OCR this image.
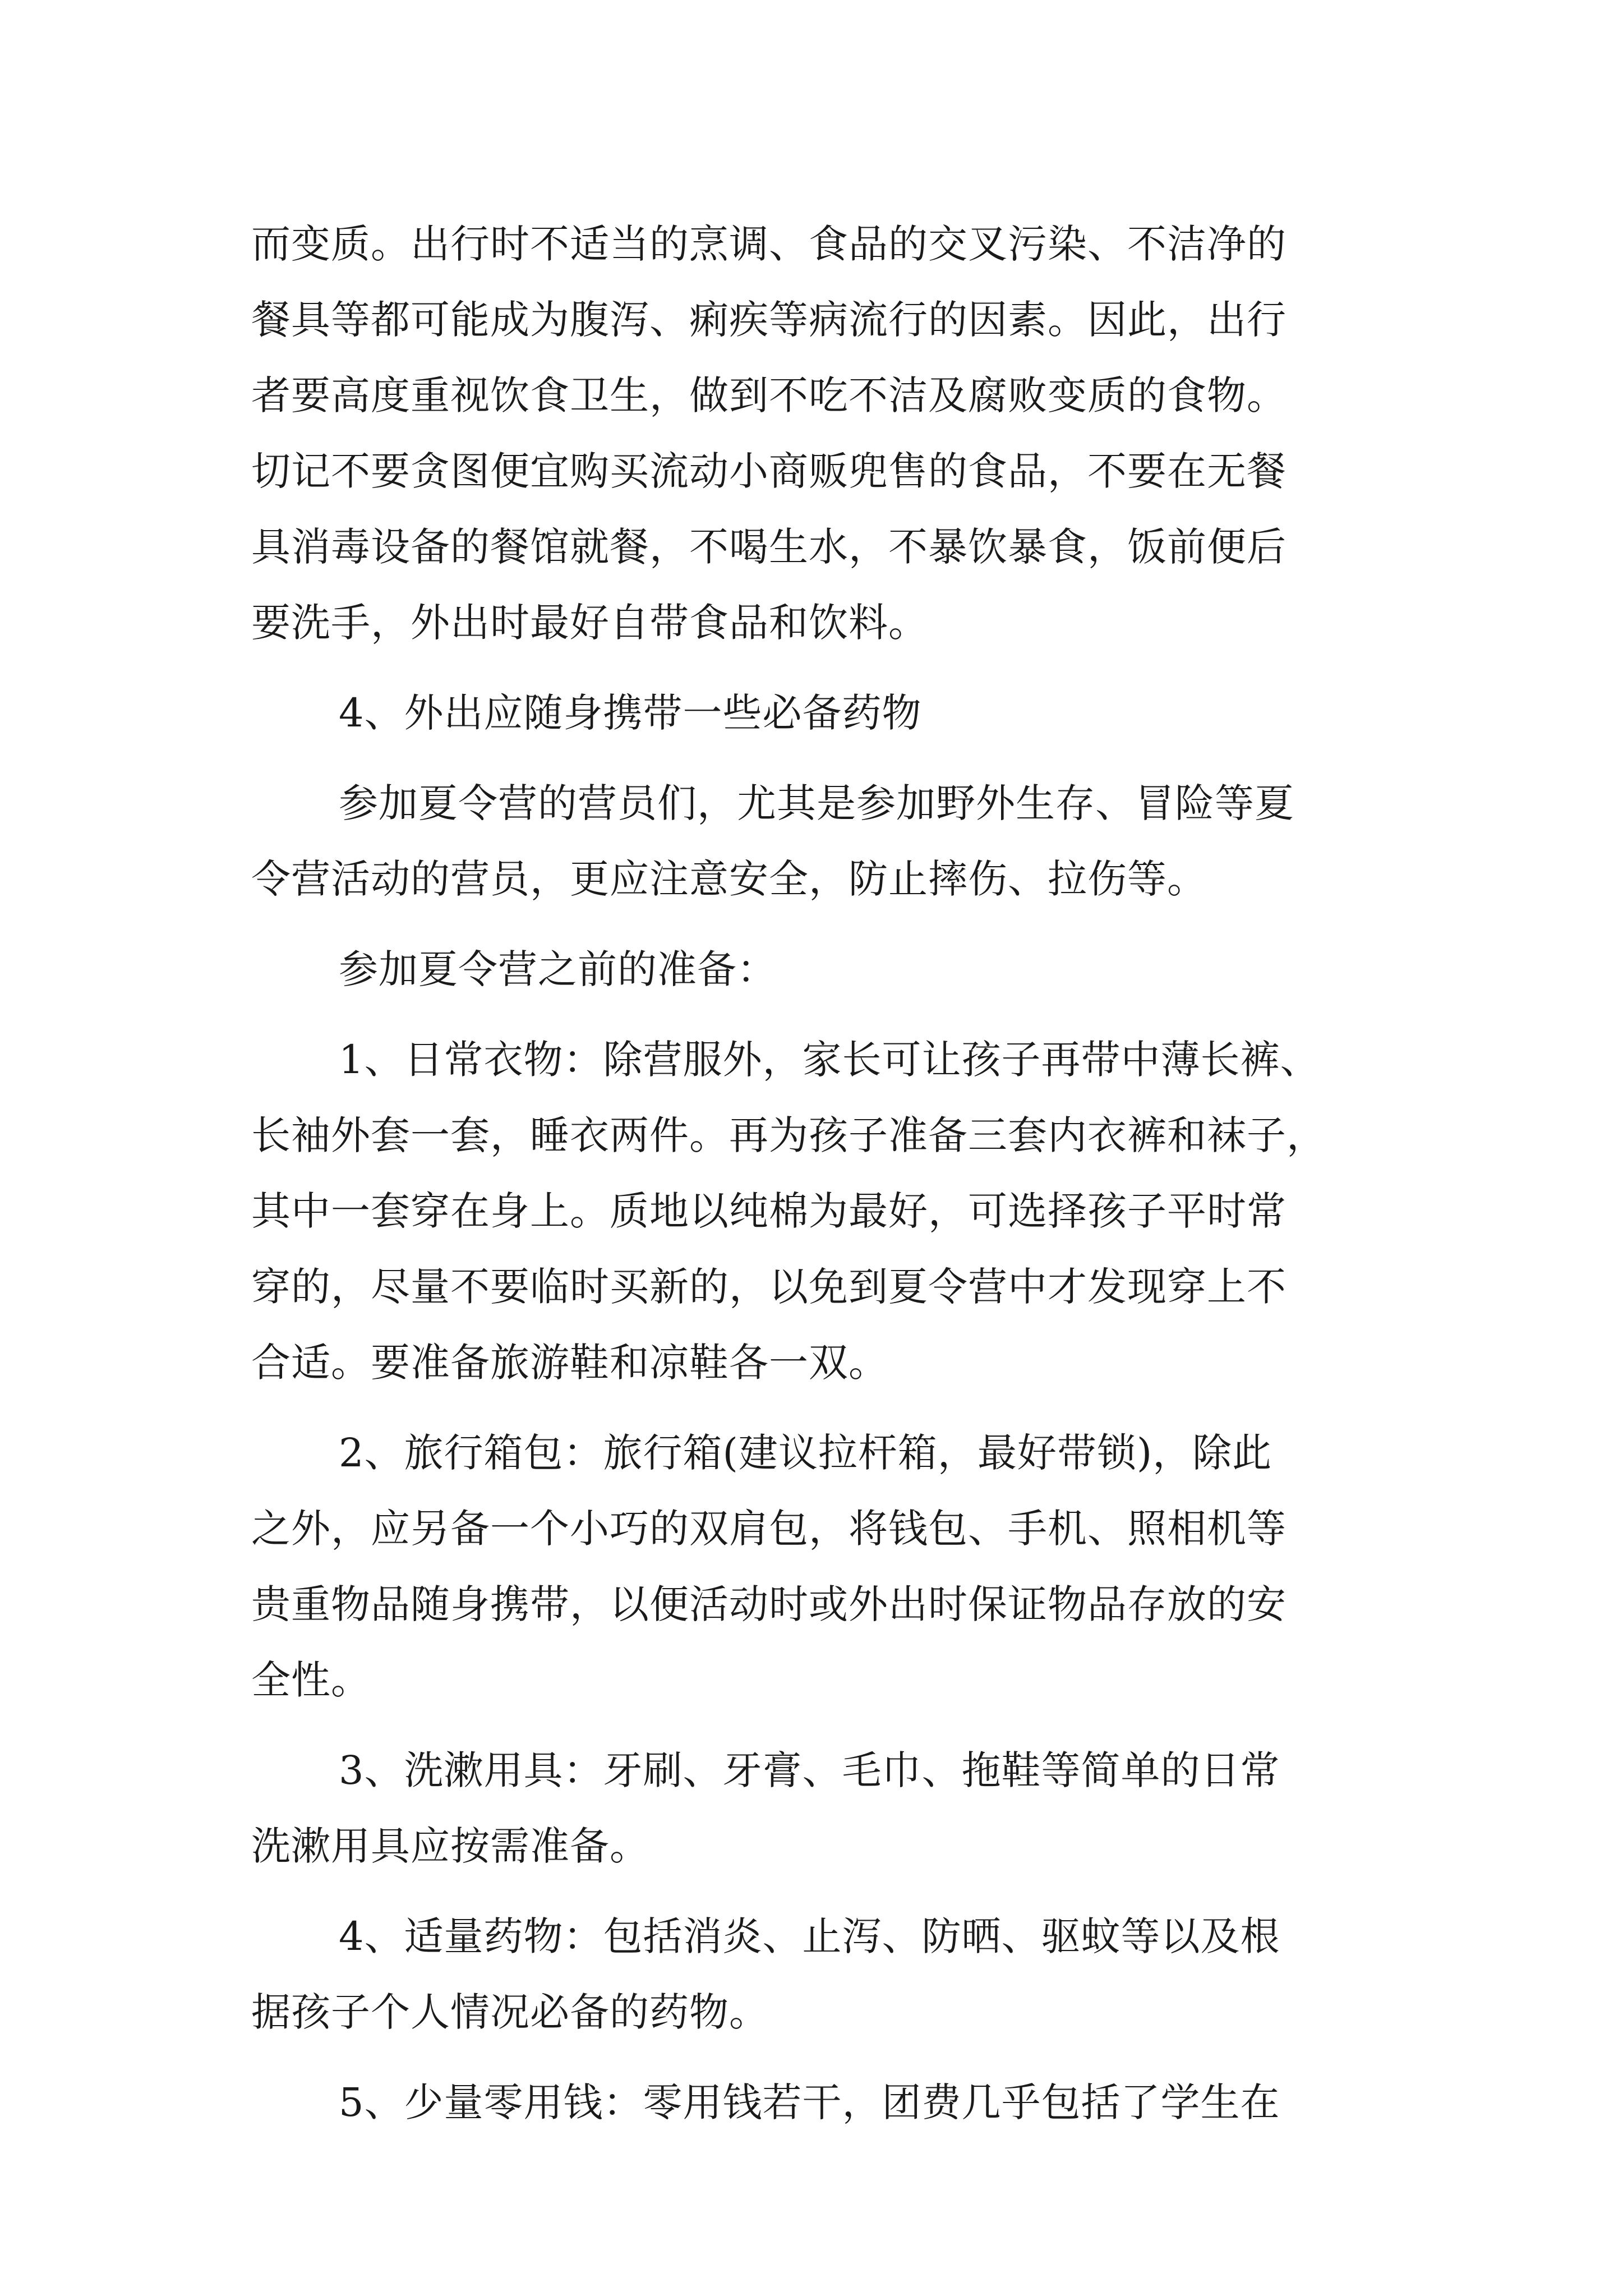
而变质。出行时不适当的烹调、食品的交叉污染、不洁净的
餐具等都可能成为腹泻、痢疾等病流行的因素。因此，出行
者要高度重视饮食卫生，做到不吃不洁及腐败变质的食物。
切记不要贪图便宜购买流动小商贩兜售的食品，不要在无餐
具消毒设备的餐馆就餐，不喝生水，不暴饮暴食，饭前便后
要洗手，外出时最好自带食品和饮料。
4、外出应随身携带一些必备药物
参加夏令营的营员们，尤其是参加野外生存、冒险等夏
令营活动的营员，更应注意安全，防止摔伤、拉伤等。
参加夏令营之前的准备：
1、日常衣物：除营服外，家长可让孩子再带中薄长裤、
长袖外套一套，睡衣两件。再为孩子准备三套内衣裤和袜子，
其中一套穿在身上。质地以纯棉为最好，可选择孩子平时常
穿的，尽量不要临时买新的，以免到夏令营中才发现穿上不
合适。要准备旅游鞋和凉鞋各一双。
2、旅行箱包：旅行箱(建议拉杆箱，最好带锁)，除此
之外，应另备一个小巧的双肩包，将钱包、手机、照相机等
贵重物品随身携带，以便活动时或外出时保证物品存放的安
全性。
3、洗漱用具：牙刷、牙膏、毛巾、拖鞋等简单的日常
洗漱用具应按需准备。
4、适量药物：包括消炎、止泻、防晒、驱蚊等以及根
据孩子个人情况必备的药物。
5、少量零用钱：零用钱若干，团费几乎包括了学生在
